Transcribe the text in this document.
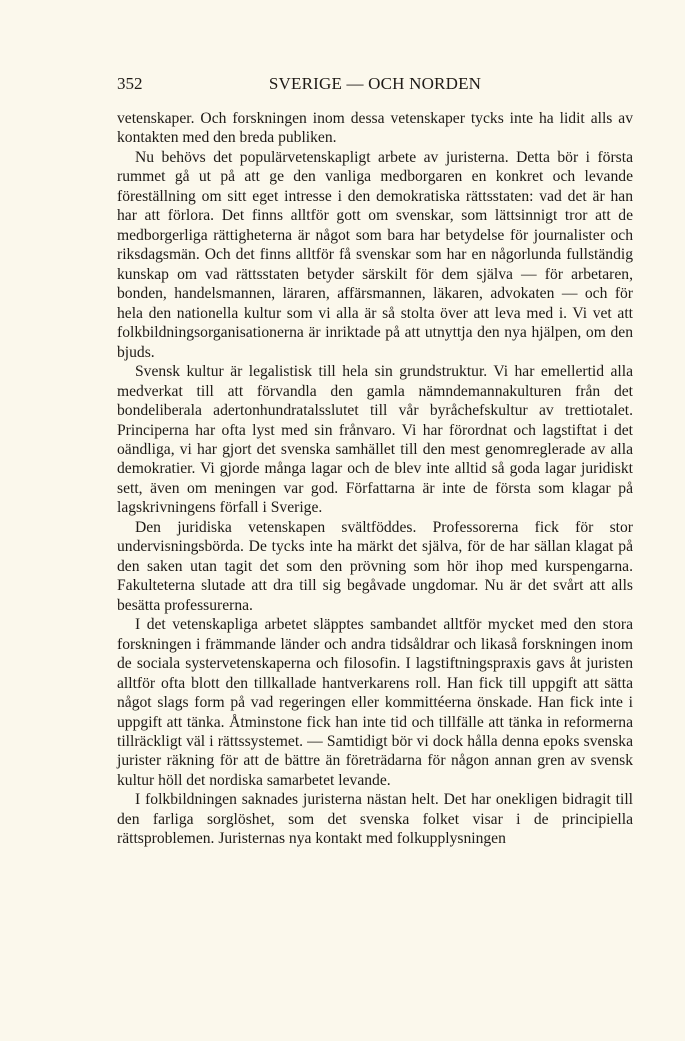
352	SVERIGE — OCH NORDEN

vetenskaper. Och forskningen inom dessa vetenskaper tycks inte ha lidit alls av kontakten med den breda publiken.

Nu behövs det populärvetenskapligt arbete av juristerna. Detta bör i första rummet gå ut på att ge den vanliga medborgaren en konkret och levande föreställning om sitt eget intresse i den demokratiska rättsstaten: vad det är han har att förlora. Det finns alltför gott om svenskar, som lättsinnigt tror att de medborgerliga rättigheterna är något som bara har betydelse för journalister och riksdagsmän. Och det finns alltför få svenskar som har en någorlunda fullständig kunskap om vad rättsstaten betyder särskilt för dem själva — för arbetaren, bonden, handelsmannen, läraren, affärsmannen, läkaren, advokaten — och för hela den nationella kultur som vi alla är så stolta över att leva med i. Vi vet att folkbildningsorganisationerna är inriktade på att utnyttja den nya hjälpen, om den bjuds.

Svensk kultur är legalistisk till hela sin grundstruktur. Vi har emellertid alla medverkat till att förvandla den gamla nämndemannakulturen från det bondeliberala adertonhundratalsslutet till vår byråchefskultur av trettiotalet. Principerna har ofta lyst med sin frånvaro. Vi har förordnat och lagstiftat i det oändliga, vi har gjort det svenska samhället till den mest genomreglerade av alla demokratier. Vi gjorde många lagar och de blev inte alltid så goda lagar juridiskt sett, även om meningen var god. Författarna är inte de första som klagar på lagskrivningens förfall i Sverige.

Den juridiska vetenskapen svältföddes. Professorerna fick för stor undervisningsbörda. De tycks inte ha märkt det själva, för de har sällan klagat på den saken utan tagit det som den prövning som hör ihop med kurspengarna. Fakulteterna slutade att dra till sig begåvade ungdomar. Nu är det svårt att alls besätta professurerna.

I det vetenskapliga arbetet släpptes sambandet alltför mycket med den stora forskningen i främmande länder och andra tidsåldrar och likaså forskningen inom de sociala systervetenskaperna och filosofin. I lagstiftningspraxis gavs åt juristen alltför ofta blott den tillkallade hantverkarens roll. Han fick till uppgift att sätta något slags form på vad regeringen eller kommittéerna önskade. Han fick inte i uppgift att tänka. Åtminstone fick han inte tid och tillfälle att tänka in reformerna tillräckligt väl i rättssystemet. — Samtidigt bör vi dock hålla denna epoks svenska jurister räkning för att de bättre än företrädarna för någon annan gren av svensk kultur höll det nordiska samarbetet levande.

I folkbildningen saknades juristerna nästan helt. Det har onekligen bidragit till den farliga sorglöshet, som det svenska folket visar i de principiella rättsproblemen. Juristernas nya kontakt med folkupplysningen
